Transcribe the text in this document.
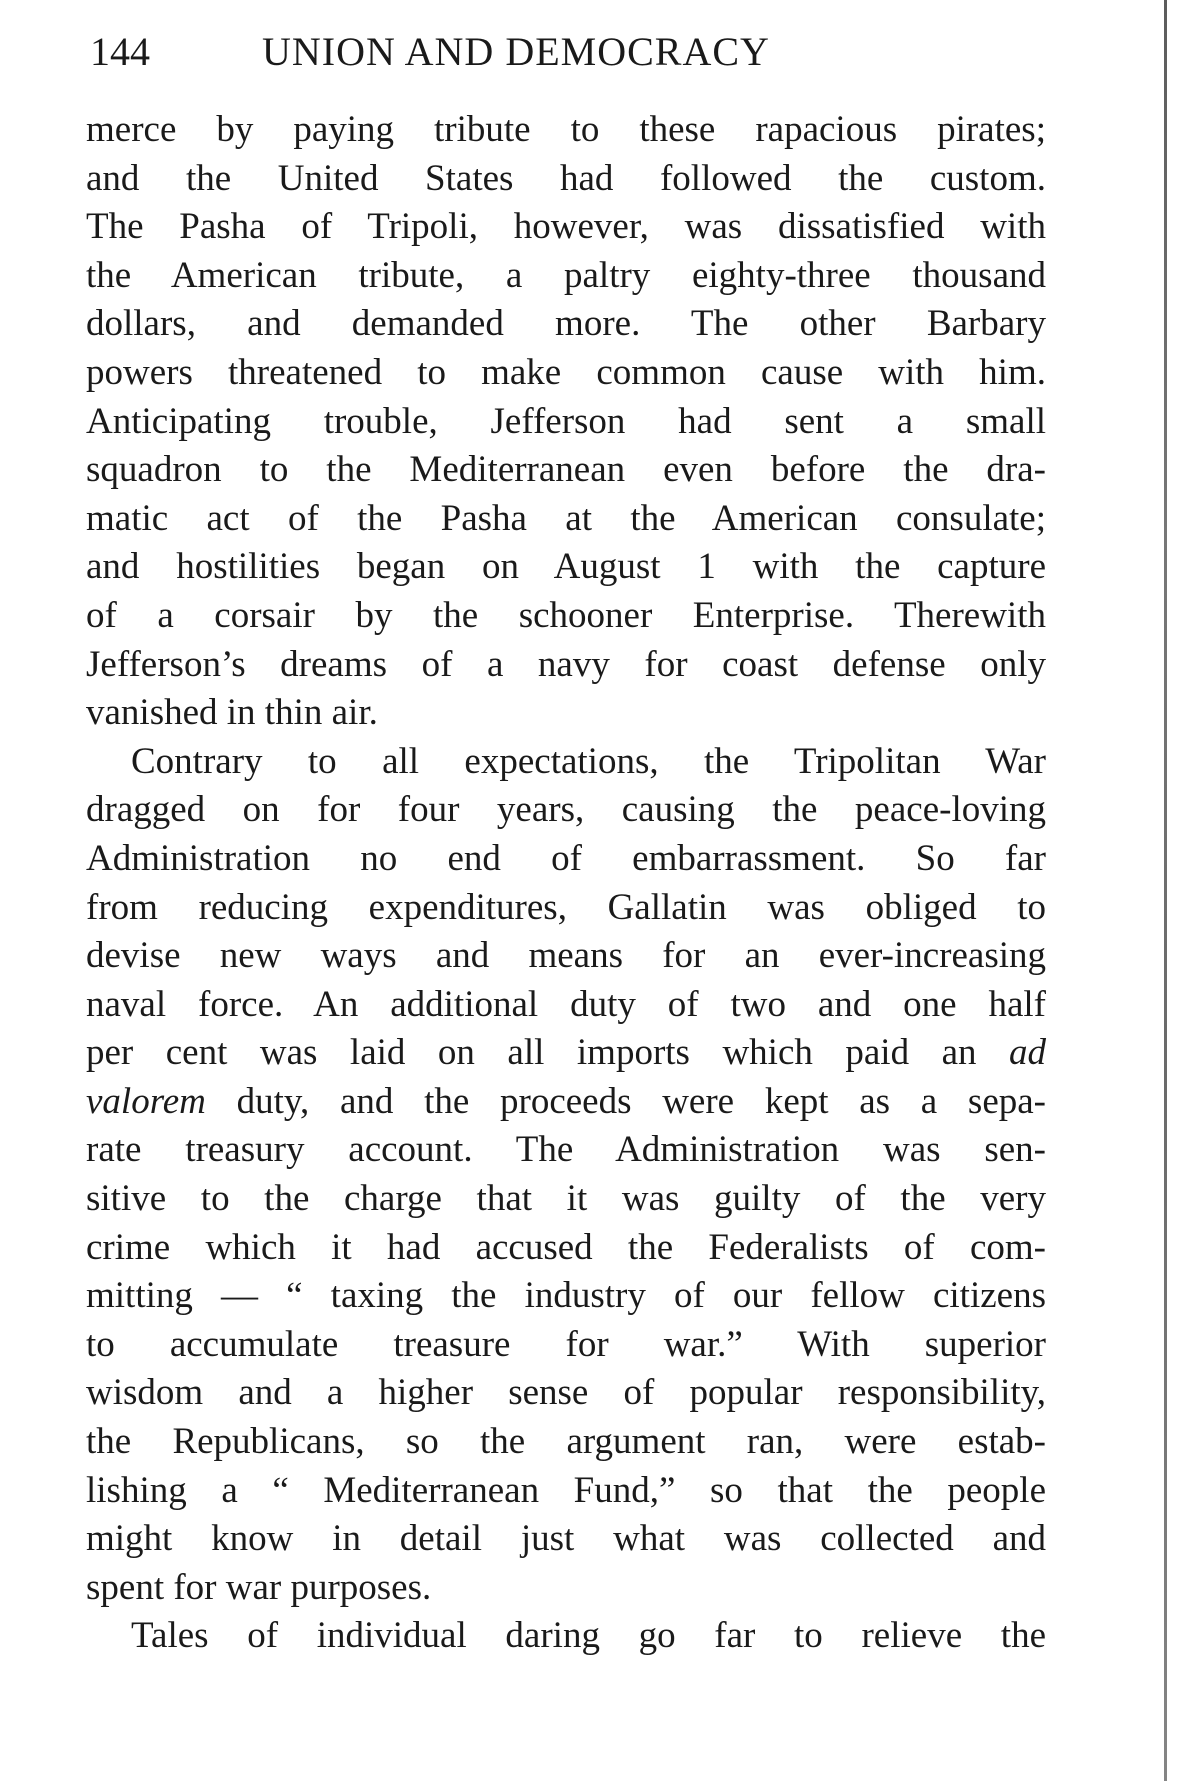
144	UNION AND DEMOCRACY
merce by paying tribute to these rapacious pirates;
and the United States had followed the custom.
The Pasha of Tripoli, however, was dissatisfied with
the American tribute, a paltry eighty-three thousand
dollars, and demanded more. The other Barbary
powers threatened to make common cause with him.
Anticipating trouble, Jefferson had sent a small
squadron to the Mediterranean even before the dra-
matic act of the Pasha at the American consulate;
and hostilities began on August 1 with the capture
of a corsair by the schooner Enterprise. Therewith
Jefferson’s dreams of a navy for coast defense only
vanished in thin air.
Contrary to all expectations, the Tripolitan War
dragged on for four years, causing the peace-loving
Administration no end of embarrassment. So far
from reducing expenditures, Gallatin was obliged to
devise new ways and means for an ever-increasing
naval force. An additional duty of two and one half
per cent was laid on all imports which paid an ad
valorem duty, and the proceeds were kept as a sepa-
rate treasury account. The Administration was sen-
sitive to the charge that it was guilty of the very
crime which it had accused the Federalists of com-
mitting — “ taxing the industry of our fellow citizens
to accumulate treasure for war.” With superior
wisdom and a higher sense of popular responsibility,
the Republicans, so the argument ran, were estab-
lishing a “ Mediterranean Fund,” so that the people
might know in detail just what was collected and
spent for war purposes.
Tales of individual daring go far to relieve the
